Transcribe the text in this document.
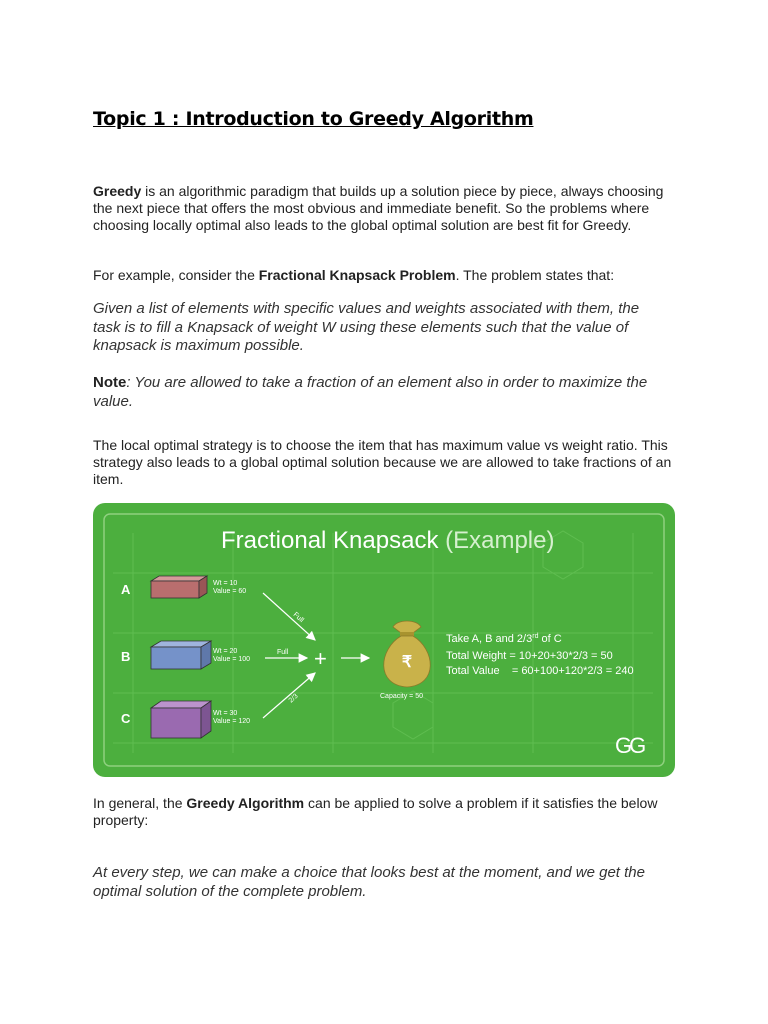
Topic 1 : Introduction to Greedy Algorithm

Greedy is an algorithmic paradigm that builds up a solution piece by piece, always choosing the next piece that offers the most obvious and immediate benefit. So the problems where choosing locally optimal also leads to the global optimal solution are best fit for Greedy.

For example, consider the Fractional Knapsack Problem. The problem states that:

Given a list of elements with specific values and weights associated with them, the task is to fill a Knapsack of weight W using these elements such that the value of knapsack is maximum possible.

Note: You are allowed to take a fraction of an element also in order to maximize the value.

The local optimal strategy is to choose the item that has maximum value vs weight ratio. This strategy also leads to a global optimal solution because we are allowed to take fractions of an item.

Fractional Knapsack (Example)
A	Wt = 10
Value = 60
B	Wt = 20
Value = 100
C	Wt = 30
Value = 120
Full
Full
2/3
+	₹
Capacity = 50
Take A, B and 2/3rd of C
Total Weight = 10+20+30*2/3 = 50
Total Value    = 60+100+120*2/3 = 240
GG

In general, the Greedy Algorithm can be applied to solve a problem if it satisfies the below property:

At every step, we can make a choice that looks best at the moment, and we get the optimal solution of the complete problem.
